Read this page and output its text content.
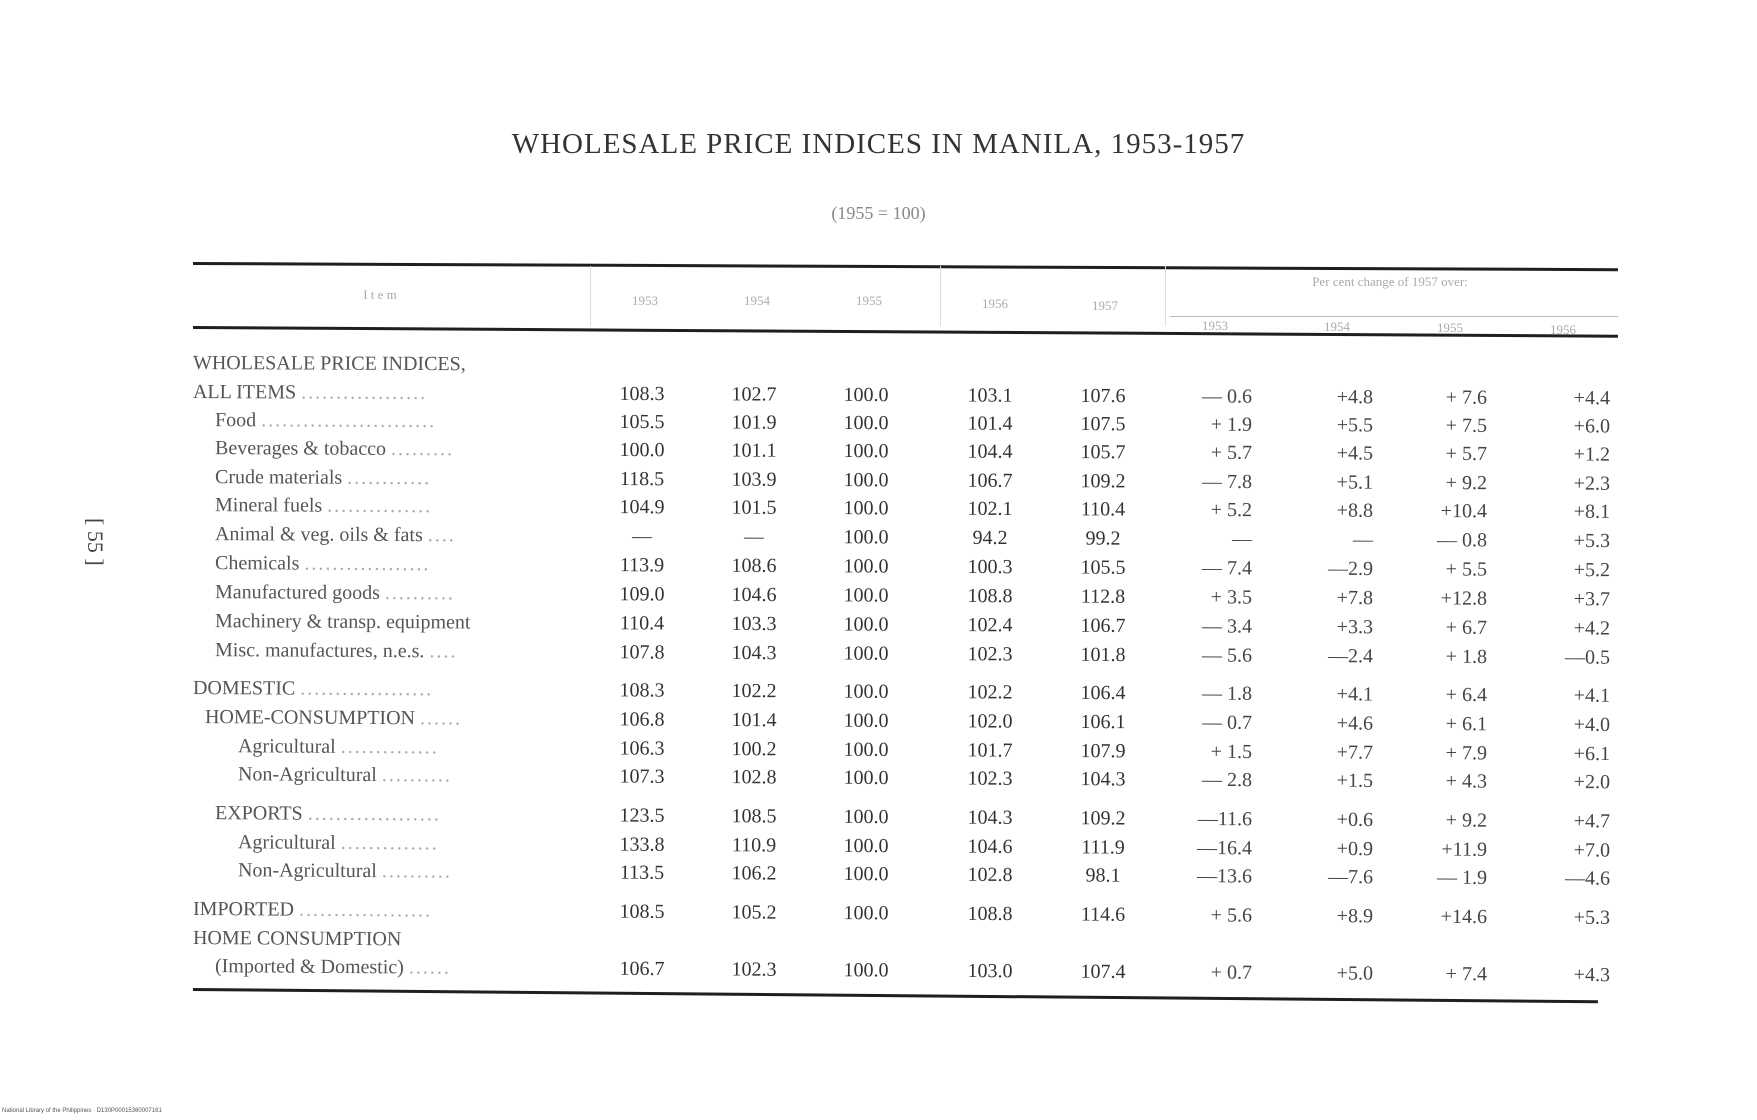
WHOLESALE PRICE INDICES IN MANILA, 1953-1957
(1955 = 100)
[ 55 ]
I t e m	1953	1954	1955	1956	1957
Per cent change of 1957 over:
1953	1954	1955	1956
WHOLESALE PRICE INDICES,
ALL ITEMS ..................	108.3	102.7	100.0	103.1	107.6	— 0.6	+4.8	+ 7.6	+4.4
Food .........................	105.5	101.9	100.0	101.4	107.5	+ 1.9	+5.5	+ 7.5	+6.0
Beverages & tobacco .........	100.0	101.1	100.0	104.4	105.7	+ 5.7	+4.5	+ 5.7	+1.2
Crude materials ............	118.5	103.9	100.0	106.7	109.2	— 7.8	+5.1	+ 9.2	+2.3
Mineral fuels ...............	104.9	101.5	100.0	102.1	110.4	+ 5.2	+8.8	+10.4	+8.1
Animal & veg. oils & fats ....	—	—	100.0	94.2	99.2	—	—	— 0.8	+5.3
Chemicals ..................	113.9	108.6	100.0	100.3	105.5	— 7.4	—2.9	+ 5.5	+5.2
Manufactured goods ..........	109.0	104.6	100.0	108.8	112.8	+ 3.5	+7.8	+12.8	+3.7
Machinery & transp. equipment	110.4	103.3	100.0	102.4	106.7	— 3.4	+3.3	+ 6.7	+4.2
Misc. manufactures, n.e.s. ....	107.8	104.3	100.0	102.3	101.8	— 5.6	—2.4	+ 1.8	—0.5
DOMESTIC ...................	108.3	102.2	100.0	102.2	106.4	— 1.8	+4.1	+ 6.4	+4.1
HOME-CONSUMPTION ......	106.8	101.4	100.0	102.0	106.1	— 0.7	+4.6	+ 6.1	+4.0
Agricultural ..............	106.3	100.2	100.0	101.7	107.9	+ 1.5	+7.7	+ 7.9	+6.1
Non-Agricultural ..........	107.3	102.8	100.0	102.3	104.3	— 2.8	+1.5	+ 4.3	+2.0
EXPORTS ...................	123.5	108.5	100.0	104.3	109.2	—11.6	+0.6	+ 9.2	+4.7
Agricultural ..............	133.8	110.9	100.0	104.6	111.9	—16.4	+0.9	+11.9	+7.0
Non-Agricultural ..........	113.5	106.2	100.0	102.8	98.1	—13.6	—7.6	— 1.9	—4.6
IMPORTED ...................	108.5	105.2	100.0	108.8	114.6	+ 5.6	+8.9	+14.6	+5.3
HOME CONSUMPTION
(Imported & Domestic) ......	106.7	102.3	100.0	103.0	107.4	+ 0.7	+5.0	+ 7.4	+4.3
National Library of the Philippines · D130P00015360007161
